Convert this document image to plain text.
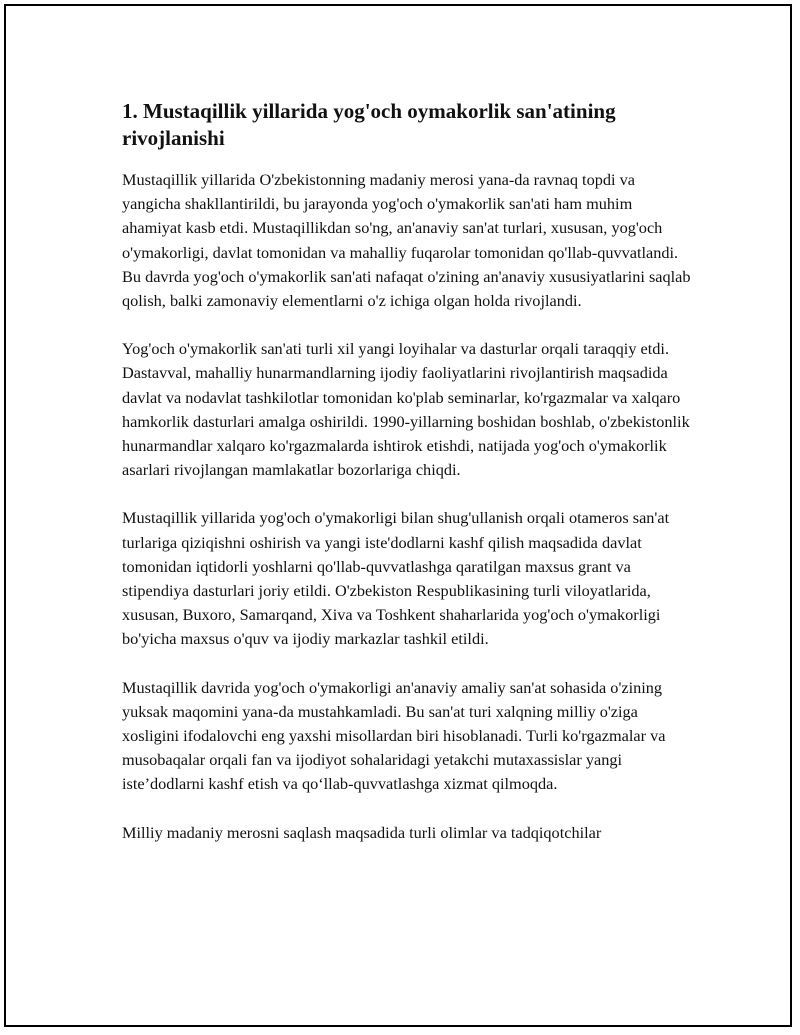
1. Mustaqillik yillarida yog'och oymakorlik san'atining rivojlanishi

Mustaqillik yillarida O'zbekistonning madaniy merosi yana-da ravnaq topdi va yangicha shakllantirildi, bu jarayonda yog'och o'ymakorlik san'ati ham muhim ahamiyat kasb etdi. Mustaqillikdan so'ng, an'anaviy san'at turlari, xususan, yog'och o'ymakorligi, davlat tomonidan va mahalliy fuqarolar tomonidan qo'llab-quvvatlandi. Bu davrda yog'och o'ymakorlik san'ati nafaqat o'zining an'anaviy xususiyatlarini saqlab qolish, balki zamonaviy elementlarni o'z ichiga olgan holda rivojlandi.

Yog'och o'ymakorlik san'ati turli xil yangi loyihalar va dasturlar orqali taraqqiy etdi. Dastavval, mahalliy hunarmandlarning ijodiy faoliyatlarini rivojlantirish maqsadida davlat va nodavlat tashkilotlar tomonidan ko'plab seminarlar, ko'rgazmalar va xalqaro hamkorlik dasturlari amalga oshirildi. 1990-yillarning boshidan boshlab, o'zbekistonlik hunarmandlar xalqaro ko'rgazmalarda ishtirok etishdi, natijada yog'och o'ymakorlik asarlari rivojlangan mamlakatlar bozorlariga chiqdi.

Mustaqillik yillarida yog'och o'ymakorligi bilan shug'ullanish orqali otameros san'at turlariga qiziqishni oshirish va yangi iste'dodlarni kashf qilish maqsadida davlat tomonidan iqtidorli yoshlarni qo'llab-quvvatlashga qaratilgan maxsus grant va stipendiya dasturlari joriy etildi. O'zbekiston Respublikasining turli viloyatlarida, xususan, Buxoro, Samarqand, Xiva va Toshkent shaharlarida yog'och o'ymakorligi bo'yicha maxsus o'quv va ijodiy markazlar tashkil etildi.

Mustaqillik davrida yog'och o'ymakorligi an'anaviy amaliy san'at sohasida o'zining yuksak maqomini yana-da mustahkamladi. Bu san'at turi xalqning milliy o'ziga xosligini ifodalovchi eng yaxshi misollardan biri hisoblanadi. Turli ko'rgazmalar va musobaqalar orqali fan va ijodiyot sohalaridagi yetakchi mutaxassislar yangi iste’dodlarni kashf etish va qo‘llab-quvvatlashga xizmat qilmoqda.

Milliy madaniy merosni saqlash maqsadida turli olimlar va tadqiqotchilar
